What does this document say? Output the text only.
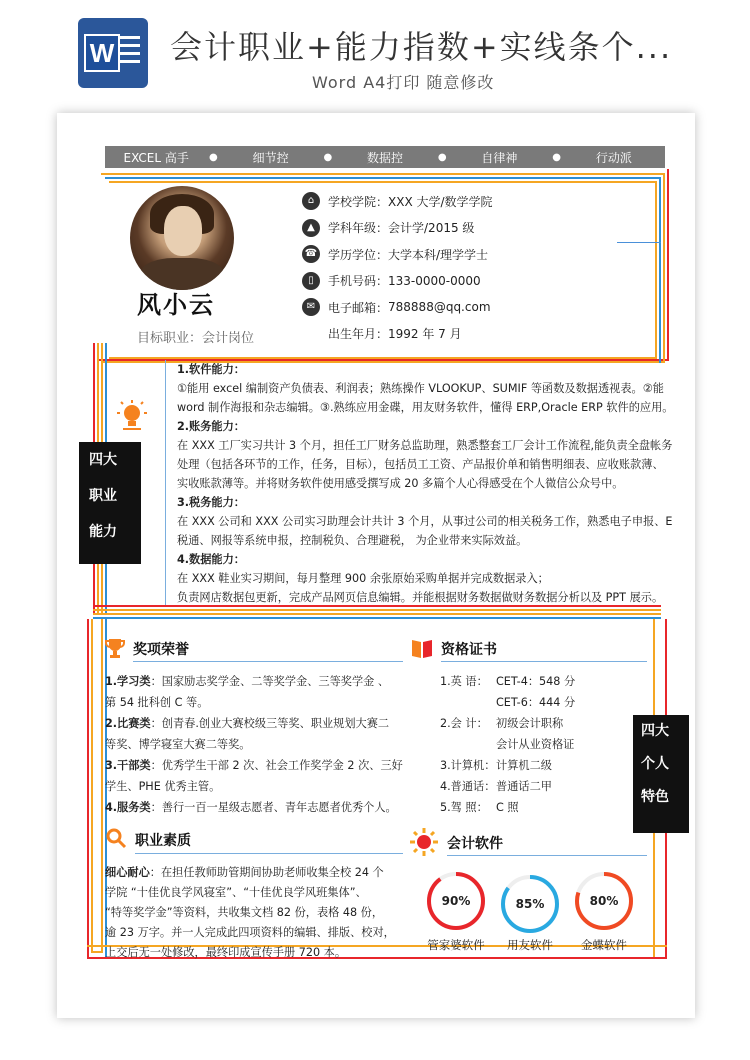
W 会计职业+能力指数+实线条个...
Word A4打印 随意修改
EXCEL 高手	●	细节控	●	数据控	●	自律神	●	行动派
风小云
目标职业：会计岗位
⌂	学校学院： XXX 大学/数学学院
▲	学科年级： 会计学/2015 级
☎ 学历学位： 大学本科/理学学士
▯	手机号码： 133-0000-0000
✉	电子邮箱： 788888@qq.com
出生年月： 1992 年 7 月
四大
职业
能力
1.软件能力：
①能用 excel 编制资产负债表、利润表；熟练操作 VLOOKUP、SUMIF 等函数及数据透视表。②能
word 制作海报和杂志编辑。③.熟练应用金碟，用友财务软件，懂得 ERP,Oracle ERP 软件的应用。
2.账务能力：
在 XXX 工厂实习共计 3 个月，担任工厂财务总监助理，熟悉整套工厂会计工作流程,能负责全盘帐务
处理（包括各环节的工作，任务，目标），包括员工工资、产品报价单和销售明细表、应收账款薄、
实收账款薄等。并将财务软件使用感受撰写成 20 多篇个人心得感受在个人微信公众号中。
3.税务能力：
在 XXX 公司和 XXX 公司实习助理会计共计 3 个月，从事过公司的相关税务工作，熟悉电子申报、E
税通、网报等系统申报，控制税负、合理避税， 为企业带来实际效益。
4.数据能力：
在 XXX 鞋业实习期间，每月整理 900 余张原始采购单据并完成数据录入；
负责网店数据包更新，完成产品网页信息编辑。并能根据财务数据做财务数据分析以及 PPT 展示。
奖项荣誉
1.学习类：国家励志奖学金、二等奖学金、三等奖学金 、
第 54 批科创 C 等。
2.比赛类：创青春.创业大赛校级三等奖、职业规划大赛二
等奖、博学寝室大赛二等奖。
3.干部类：优秀学生干部 2 次、社会工作奖学金 2 次、三好
学生、PHE 优秀主管。
4.服务类：善行一百一星级志愿者、青年志愿者优秀个人。
资格证书
1.英 语： CET-4：548 分
CET-6：444 分
2.会 计： 初级会计职称
会计从业资格证
3.计算机： 计算机二级
4.普通话： 普通话二甲
5.驾 照： C 照
四大
个人
特色
职业素质
细心耐心：在担任教师助管期间协助老师收集全校 24 个
学院 “十佳优良学风寝室”、“十佳优良学风班集体”、
“特等奖学金”等资料，共收集文档 82 份，表格 48 份，
逾 23 万字。并一人完成此四项资料的编辑、排版、校对，
上交后无一处修改，最终印成宣传手册 720 本。
会计软件
90%
管家婆软件
85%
用友软件
80%
金蝶软件
